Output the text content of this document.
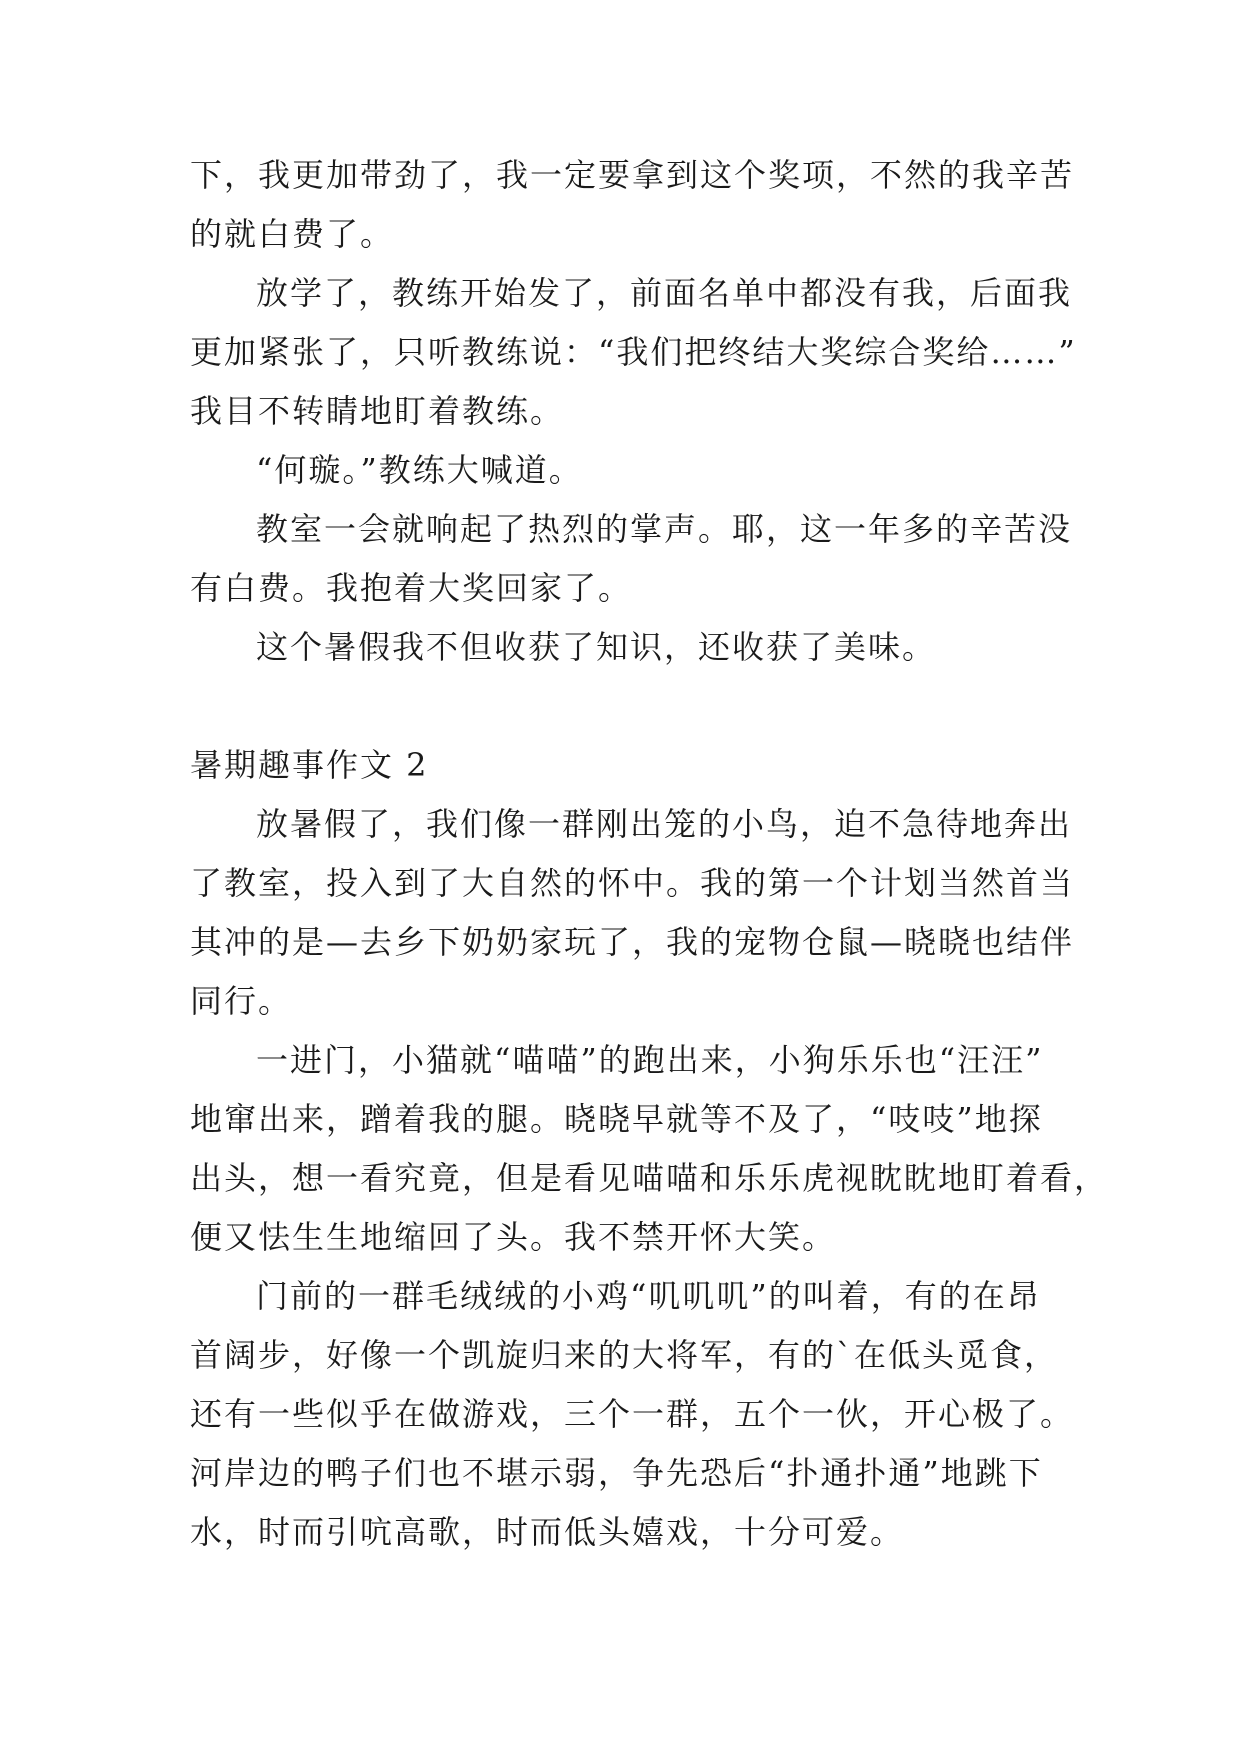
下，我更加带劲了，我一定要拿到这个奖项，不然的我辛苦
的就白费了。
放学了，教练开始发了，前面名单中都没有我，后面我
更加紧张了，只听教练说：“我们把终结大奖综合奖给……”
我目不转睛地盯着教练。
“何璇。”教练大喊道。
教室一会就响起了热烈的掌声。耶，这一年多的辛苦没
有白费。我抱着大奖回家了。
这个暑假我不但收获了知识，还收获了美味。
暑期趣事作文 2
放暑假了，我们像一群刚出笼的小鸟，迫不急待地奔出
了教室，投入到了大自然的怀中。我的第一个计划当然首当
其冲的是—去乡下奶奶家玩了，我的宠物仓鼠—晓晓也结伴
同行。
一进门，小猫就“喵喵”的跑出来，小狗乐乐也“汪汪”
地窜出来，蹭着我的腿。晓晓早就等不及了，“吱吱”地探
出头，想一看究竟，但是看见喵喵和乐乐虎视眈眈地盯着看，
便又怯生生地缩回了头。我不禁开怀大笑。
门前的一群毛绒绒的小鸡“叽叽叽”的叫着，有的在昂
首阔步，好像一个凯旋归来的大将军，有的`在低头觅食，
还有一些似乎在做游戏，三个一群，五个一伙，开心极了。
河岸边的鸭子们也不堪示弱，争先恐后“扑通扑通”地跳下
水，时而引吭高歌，时而低头嬉戏，十分可爱。
